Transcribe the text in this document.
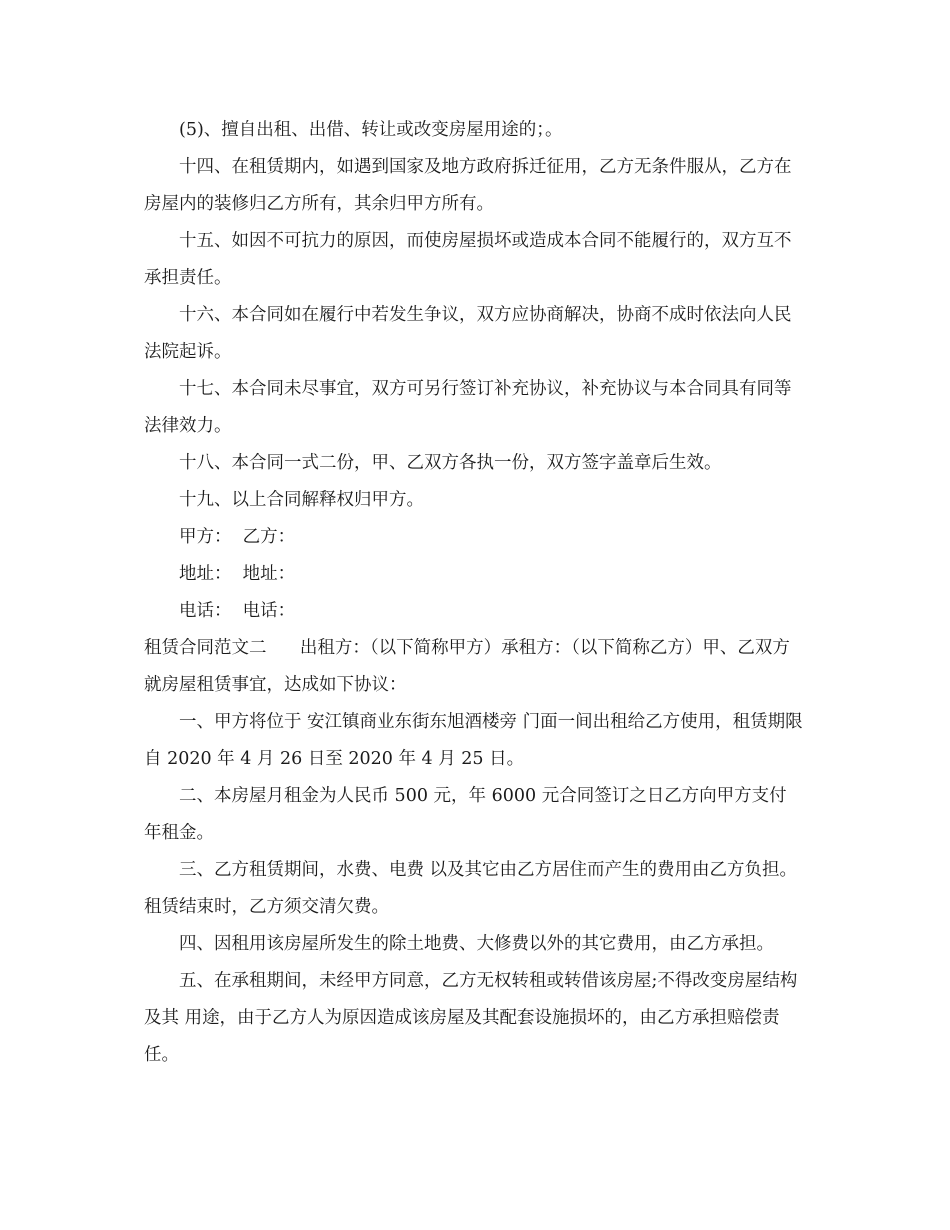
(5)、擅自出租、出借、转让或改变房屋用途的；。

十四、在租赁期内，如遇到国家及地方政府拆迁征用，乙方无条件服从，乙方在房屋内的装修归乙方所有，其余归甲方所有。

十五、如因不可抗力的原因，而使房屋损坏或造成本合同不能履行的，双方互不承担责任。

十六、本合同如在履行中若发生争议，双方应协商解决，协商不成时依法向人民法院起诉。

十七、本合同未尽事宜，双方可另行签订补充协议，补充协议与本合同具有同等法律效力。

十八、本合同一式二份，甲、乙双方各执一份，双方签字盖章后生效。

十九、以上合同解释权归甲方。

甲方：  乙方：

地址：  地址：

电话：  电话：

租赁合同范文二      出租方：（以下简称甲方）承租方：（以下简称乙方）甲、乙双方就房屋租赁事宜，达成如下协议：

一、甲方将位于 安江镇商业东街东旭酒楼旁 门面一间出租给乙方使用，租赁期限 自 2020 年 4 月 26 日至 2020 年 4 月 25 日。

二、本房屋月租金为人民币 500 元，年 6000 元合同签订之日乙方向甲方支付年租金。

三、乙方租赁期间，水费、电费 以及其它由乙方居住而产生的费用由乙方负担。租赁结束时，乙方须交清欠费。

四、因租用该房屋所发生的除土地费、大修费以外的其它费用，由乙方承担。

五、在承租期间，未经甲方同意，乙方无权转租或转借该房屋;不得改变房屋结构及其 用途，由于乙方人为原因造成该房屋及其配套设施损坏的，由乙方承担赔偿责任。
